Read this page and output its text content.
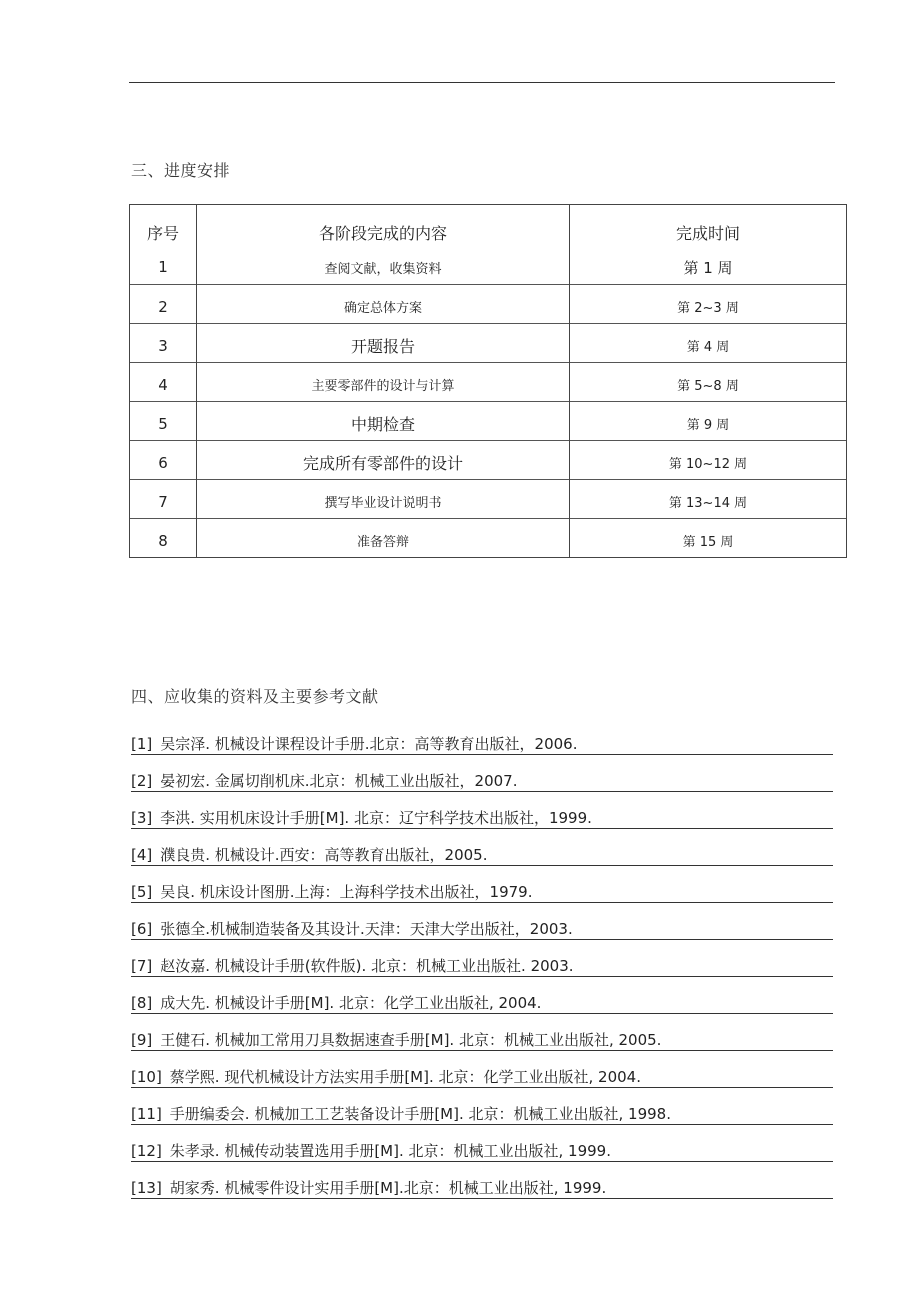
三、进度安排
序号	各阶段完成的内容	完成时间
1	查阅文献，收集资料	第 1 周
2	确定总体方案	第 2~3 周
3	开题报告	第 4 周
4	主要零部件的设计与计算	第 5~8 周
5	中期检查	第 9 周
6	完成所有零部件的设计	第 10~12 周
7	撰写毕业设计说明书	第 13~14 周
8	准备答辩	第 15 周
四、应收集的资料及主要参考文献
[1] 吴宗泽. 机械设计课程设计手册.北京：高等教育出版社，2006.
[2] 晏初宏. 金属切削机床.北京：机械工业出版社，2007.
[3] 李洪. 实用机床设计手册[M]. 北京：辽宁科学技术出版社，1999.
[4] 濮良贵. 机械设计.西安：高等教育出版社，2005.
[5] 吴良. 机床设计图册.上海：上海科学技术出版社，1979.
[6] 张德全.机械制造装备及其设计.天津：天津大学出版社，2003.
[7] 赵汝嘉. 机械设计手册(软件版). 北京：机械工业出版社. 2003.
[8] 成大先. 机械设计手册[M]. 北京：化学工业出版社, 2004.
[9] 王健石. 机械加工常用刀具数据速查手册[M]. 北京：机械工业出版社, 2005.
[10] 蔡学熙. 现代机械设计方法实用手册[M]. 北京：化学工业出版社, 2004.
[11] 手册编委会. 机械加工工艺装备设计手册[M]. 北京：机械工业出版社, 1998.
[12] 朱孝录. 机械传动装置选用手册[M]. 北京：机械工业出版社, 1999.
[13] 胡家秀. 机械零件设计实用手册[M].北京：机械工业出版社, 1999.
